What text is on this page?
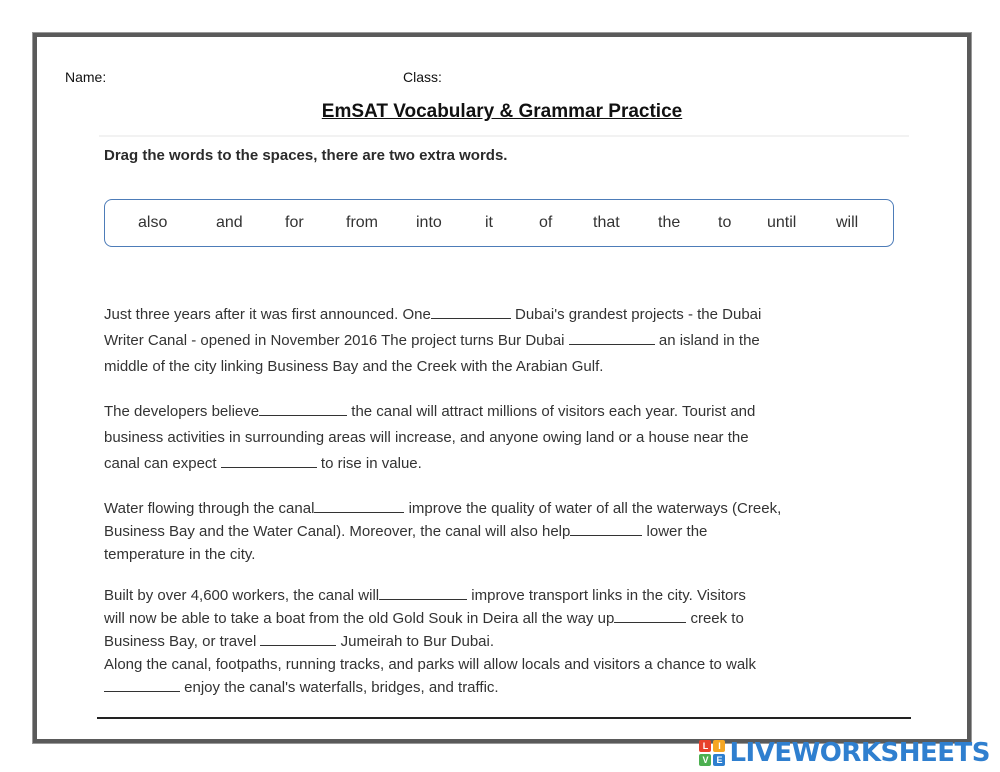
Name:	Class:
EmSAT Vocabulary & Grammar Practice
Drag the words to the spaces, there are two extra words.
also	and	for	from into	it	of	that the to until will
Just three years after it was first announced. One	Dubai's grandest projects - the Dubai
Writer Canal - opened in November 2016 The project turns Bur Dubai	an island in the
middle of the city linking Business Bay and the Creek with the Arabian Gulf.
The developers believe	the canal will attract millions of visitors each year. Tourist and
business activities in surrounding areas will increase, and anyone owing land or a house near the
canal can expect	to rise in value.
Water flowing through the canal	improve the quality of water of all the waterways (Creek,
Business Bay and the Water Canal). Moreover, the canal will also help	lower the
temperature in the city.
Built by over 4,600 workers, the canal will	improve transport links in the city. Visitors
will now be able to take a boat from the old Gold Souk in Deira all the way up	creek to
Business Bay, or travel	Jumeirah to Bur Dubai.
Along the canal, footpaths, running tracks, and parks will allow locals and visitors a chance to walk
enjoy the canal's waterfalls, bridges, and traffic.
L	I
V E LIVEWORKSHEETS
